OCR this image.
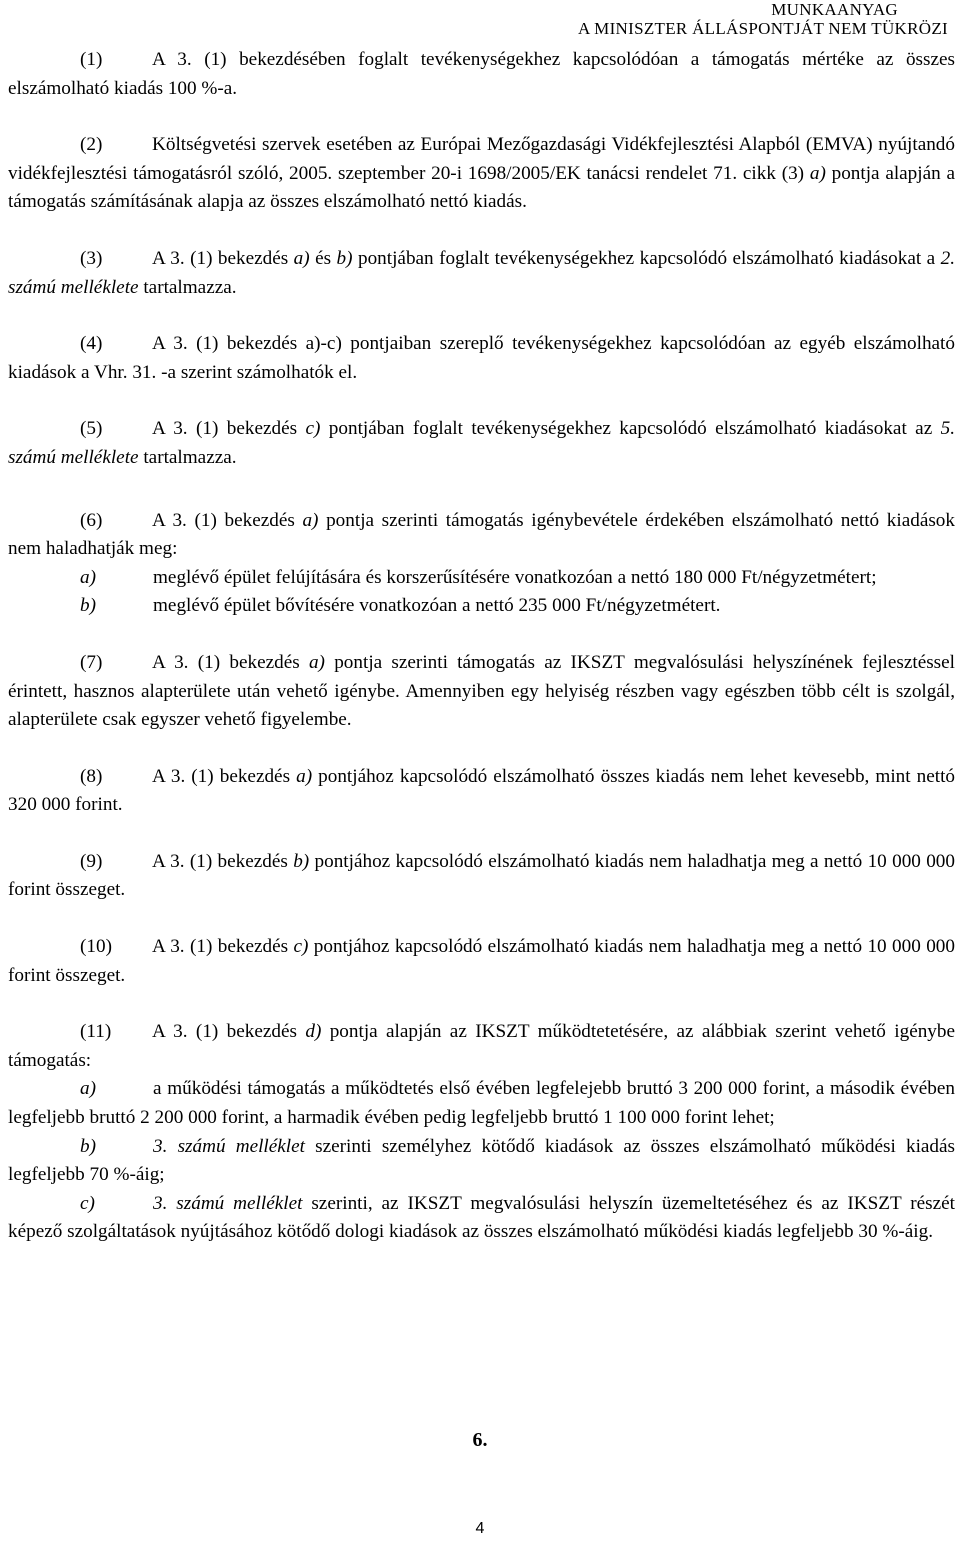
MUNKAANYAG
A MINISZTER ÁLLÁSPONTJÁT NEM TÜKRÖZI

(1)	A 3. (1) bekezdésében foglalt tevékenységekhez kapcsolódóan a támogatás mértéke az összes elszámolható kiadás 100 %-a.

(2)	Költségvetési szervek esetében az Európai Mezőgazdasági Vidékfejlesztési Alapból (EMVA) nyújtandó vidékfejlesztési támogatásról szóló, 2005. szeptember 20-i 1698/2005/EK tanácsi rendelet 71. cikk (3) a) pontja alapján a támogatás számításának alapja az összes elszámolható nettó kiadás.

(3)	A 3. (1) bekezdés a) és b) pontjában foglalt tevékenységekhez kapcsolódó elszámolható kiadásokat a 2. számú melléklete tartalmazza.

(4)	A 3. (1) bekezdés a)-c) pontjaiban szereplő tevékenységekhez kapcsolódóan az egyéb elszámolható kiadások a Vhr. 31. -a szerint számolhatók el.

(5)	A 3. (1) bekezdés c) pontjában foglalt tevékenységekhez kapcsolódó elszámolható kiadásokat az 5. számú melléklete tartalmazza.

(6)	A 3. (1) bekezdés a) pontja szerinti támogatás igénybevétele érdekében elszámolható nettó kiadások nem haladhatják meg:

a)	meglévő épület felújítására és korszerűsítésére vonatkozóan a nettó 180 000 Ft/négyzetmétert;

b)	meglévő épület bővítésére vonatkozóan a nettó 235 000 Ft/négyzetmétert.

(7)	A 3. (1) bekezdés a) pontja szerinti támogatás az IKSZT megvalósulási helyszínének fejlesztéssel érintett, hasznos alapterülete után vehető igénybe. Amennyiben egy helyiség részben vagy egészben több célt is szolgál, alapterülete csak egyszer vehető figyelembe.

(8)	A 3. (1) bekezdés a) pontjához kapcsolódó elszámolható összes kiadás nem lehet kevesebb, mint nettó 320 000 forint.

(9)	A 3. (1) bekezdés b) pontjához kapcsolódó elszámolható kiadás nem haladhatja meg a nettó 10 000 000 forint összeget.

(10) A 3. (1) bekezdés c) pontjához kapcsolódó elszámolható kiadás nem haladhatja meg a nettó 10 000 000 forint összeget.

(11) A 3. (1) bekezdés d) pontja alapján az IKSZT működtetetésére, az alábbiak szerint vehető igénybe támogatás:

a)	a működési támogatás a működtetés első évében legfelejebb bruttó 3 200 000 forint, a második évében legfeljebb bruttó 2 200 000 forint, a harmadik évében pedig legfeljebb bruttó 1 100 000 forint lehet;

b)	3. számú melléklet szerinti személyhez kötődő kiadások az összes elszámolható működési kiadás legfeljebb 70 %-áig;

c)	3. számú melléklet szerinti, az IKSZT megvalósulási helyszín üzemeltetéséhez és az IKSZT részét képező szolgáltatások nyújtásához kötődő dologi kiadások az összes elszámolható működési kiadás legfeljebb 30 %-áig.

6.
4
